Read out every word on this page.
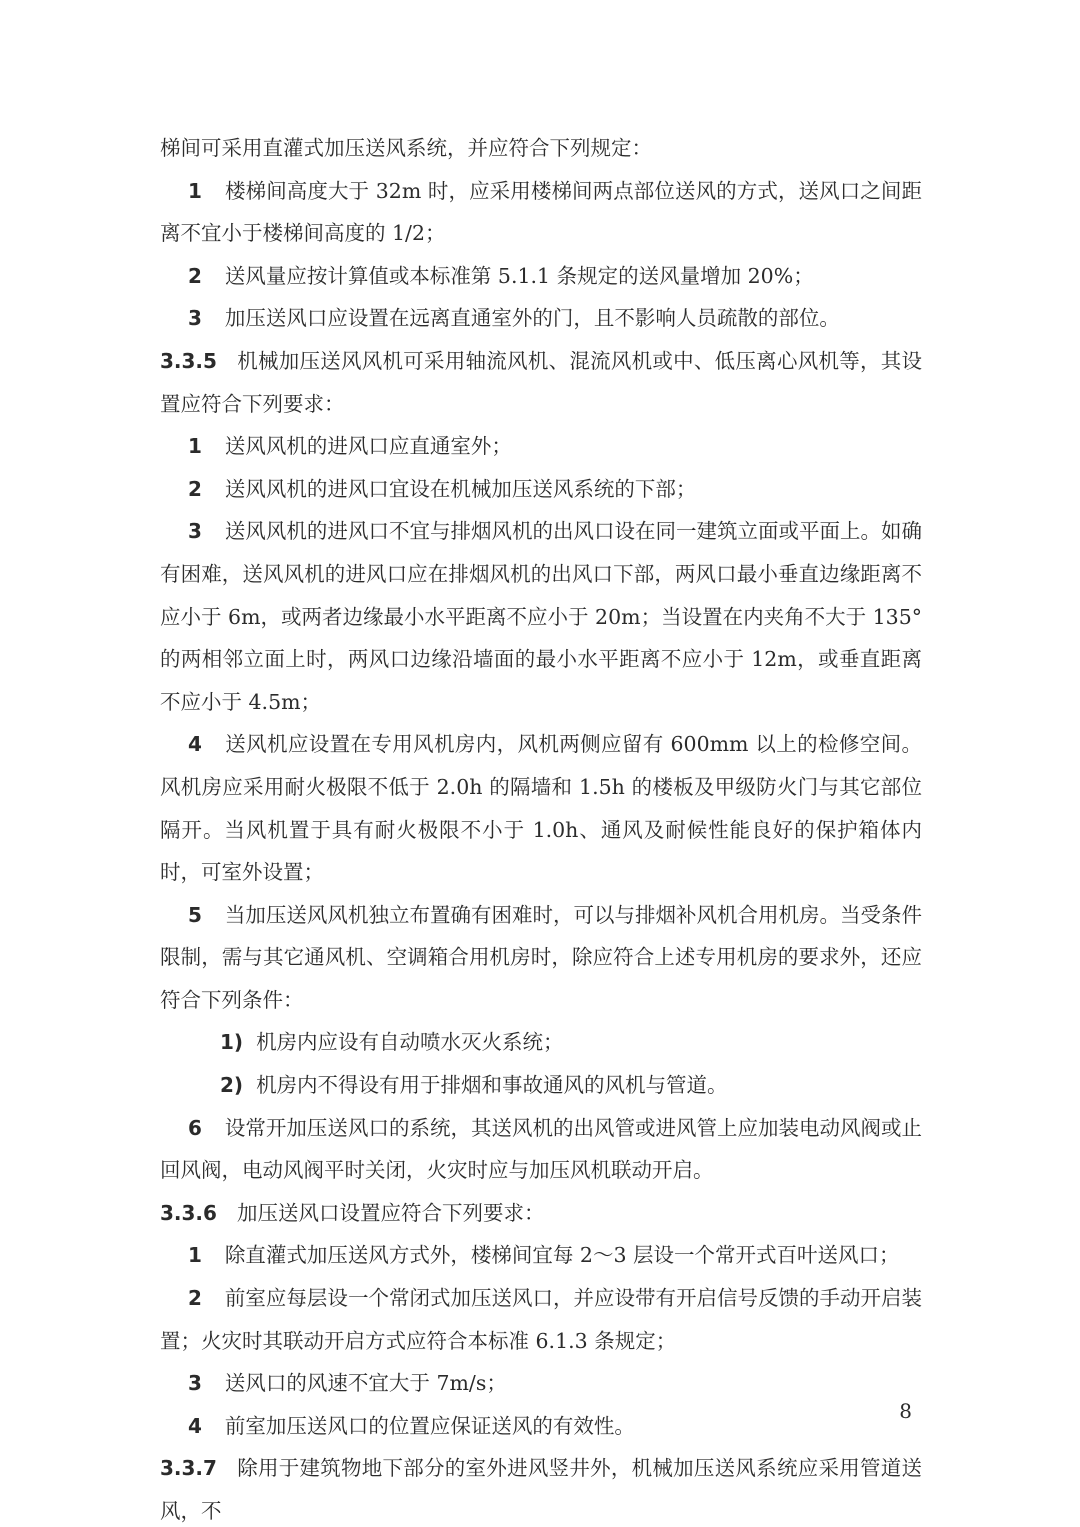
梯间可采用直灌式加压送风系统，并应符合下列规定：

1 楼梯间高度大于 32m 时，应采用楼梯间两点部位送风的方式，送风口之间距离不宜小于楼梯间高度的 1/2；

2 送风量应按计算值或本标准第 5.1.1 条规定的送风量增加 20%；

3 加压送风口应设置在远离直通室外的门，且不影响人员疏散的部位。

3.3.5 机械加压送风风机可采用轴流风机、混流风机或中、低压离心风机等，其设置应符合下列要求：

1 送风风机的进风口应直通室外；

2 送风风机的进风口宜设在机械加压送风系统的下部；

3 送风风机的进风口不宜与排烟风机的出风口设在同一建筑立面或平面上。如确有困难，送风风机的进风口应在排烟风机的出风口下部，两风口最小垂直边缘距离不应小于 6m，或两者边缘最小水平距离不应小于 20m；当设置在内夹角不大于 135°的两相邻立面上时，两风口边缘沿墙面的最小水平距离不应小于 12m，或垂直距离不应小于 4.5m；

4 送风机应设置在专用风机房内，风机两侧应留有 600mm 以上的检修空间。风机房应采用耐火极限不低于 2.0h 的隔墙和 1.5h 的楼板及甲级防火门与其它部位隔开。当风机置于具有耐火极限不小于 1.0h、通风及耐候性能良好的保护箱体内时，可室外设置；

5 当加压送风风机独立布置确有困难时，可以与排烟补风机合用机房。当受条件限制，需与其它通风机、空调箱合用机房时，除应符合上述专用机房的要求外，还应符合下列条件：

1) 机房内应设有自动喷水灭火系统；

2) 机房内不得设有用于排烟和事故通风的风机与管道。

6 设常开加压送风口的系统，其送风机的出风管或进风管上应加装电动风阀或止回风阀，电动风阀平时关闭，火灾时应与加压风机联动开启。

3.3.6 加压送风口设置应符合下列要求：

1 除直灌式加压送风方式外，楼梯间宜每 2～3 层设一个常开式百叶送风口；

2 前室应每层设一个常闭式加压送风口，并应设带有开启信号反馈的手动开启装置；火灾时其联动开启方式应符合本标准 6.1.3 条规定；

3 送风口的风速不宜大于 7m/s；

4 前室加压送风口的位置应保证送风的有效性。

3.3.7 除用于建筑物地下部分的室外进风竖井外，机械加压送风系统应采用管道送风，不

8
